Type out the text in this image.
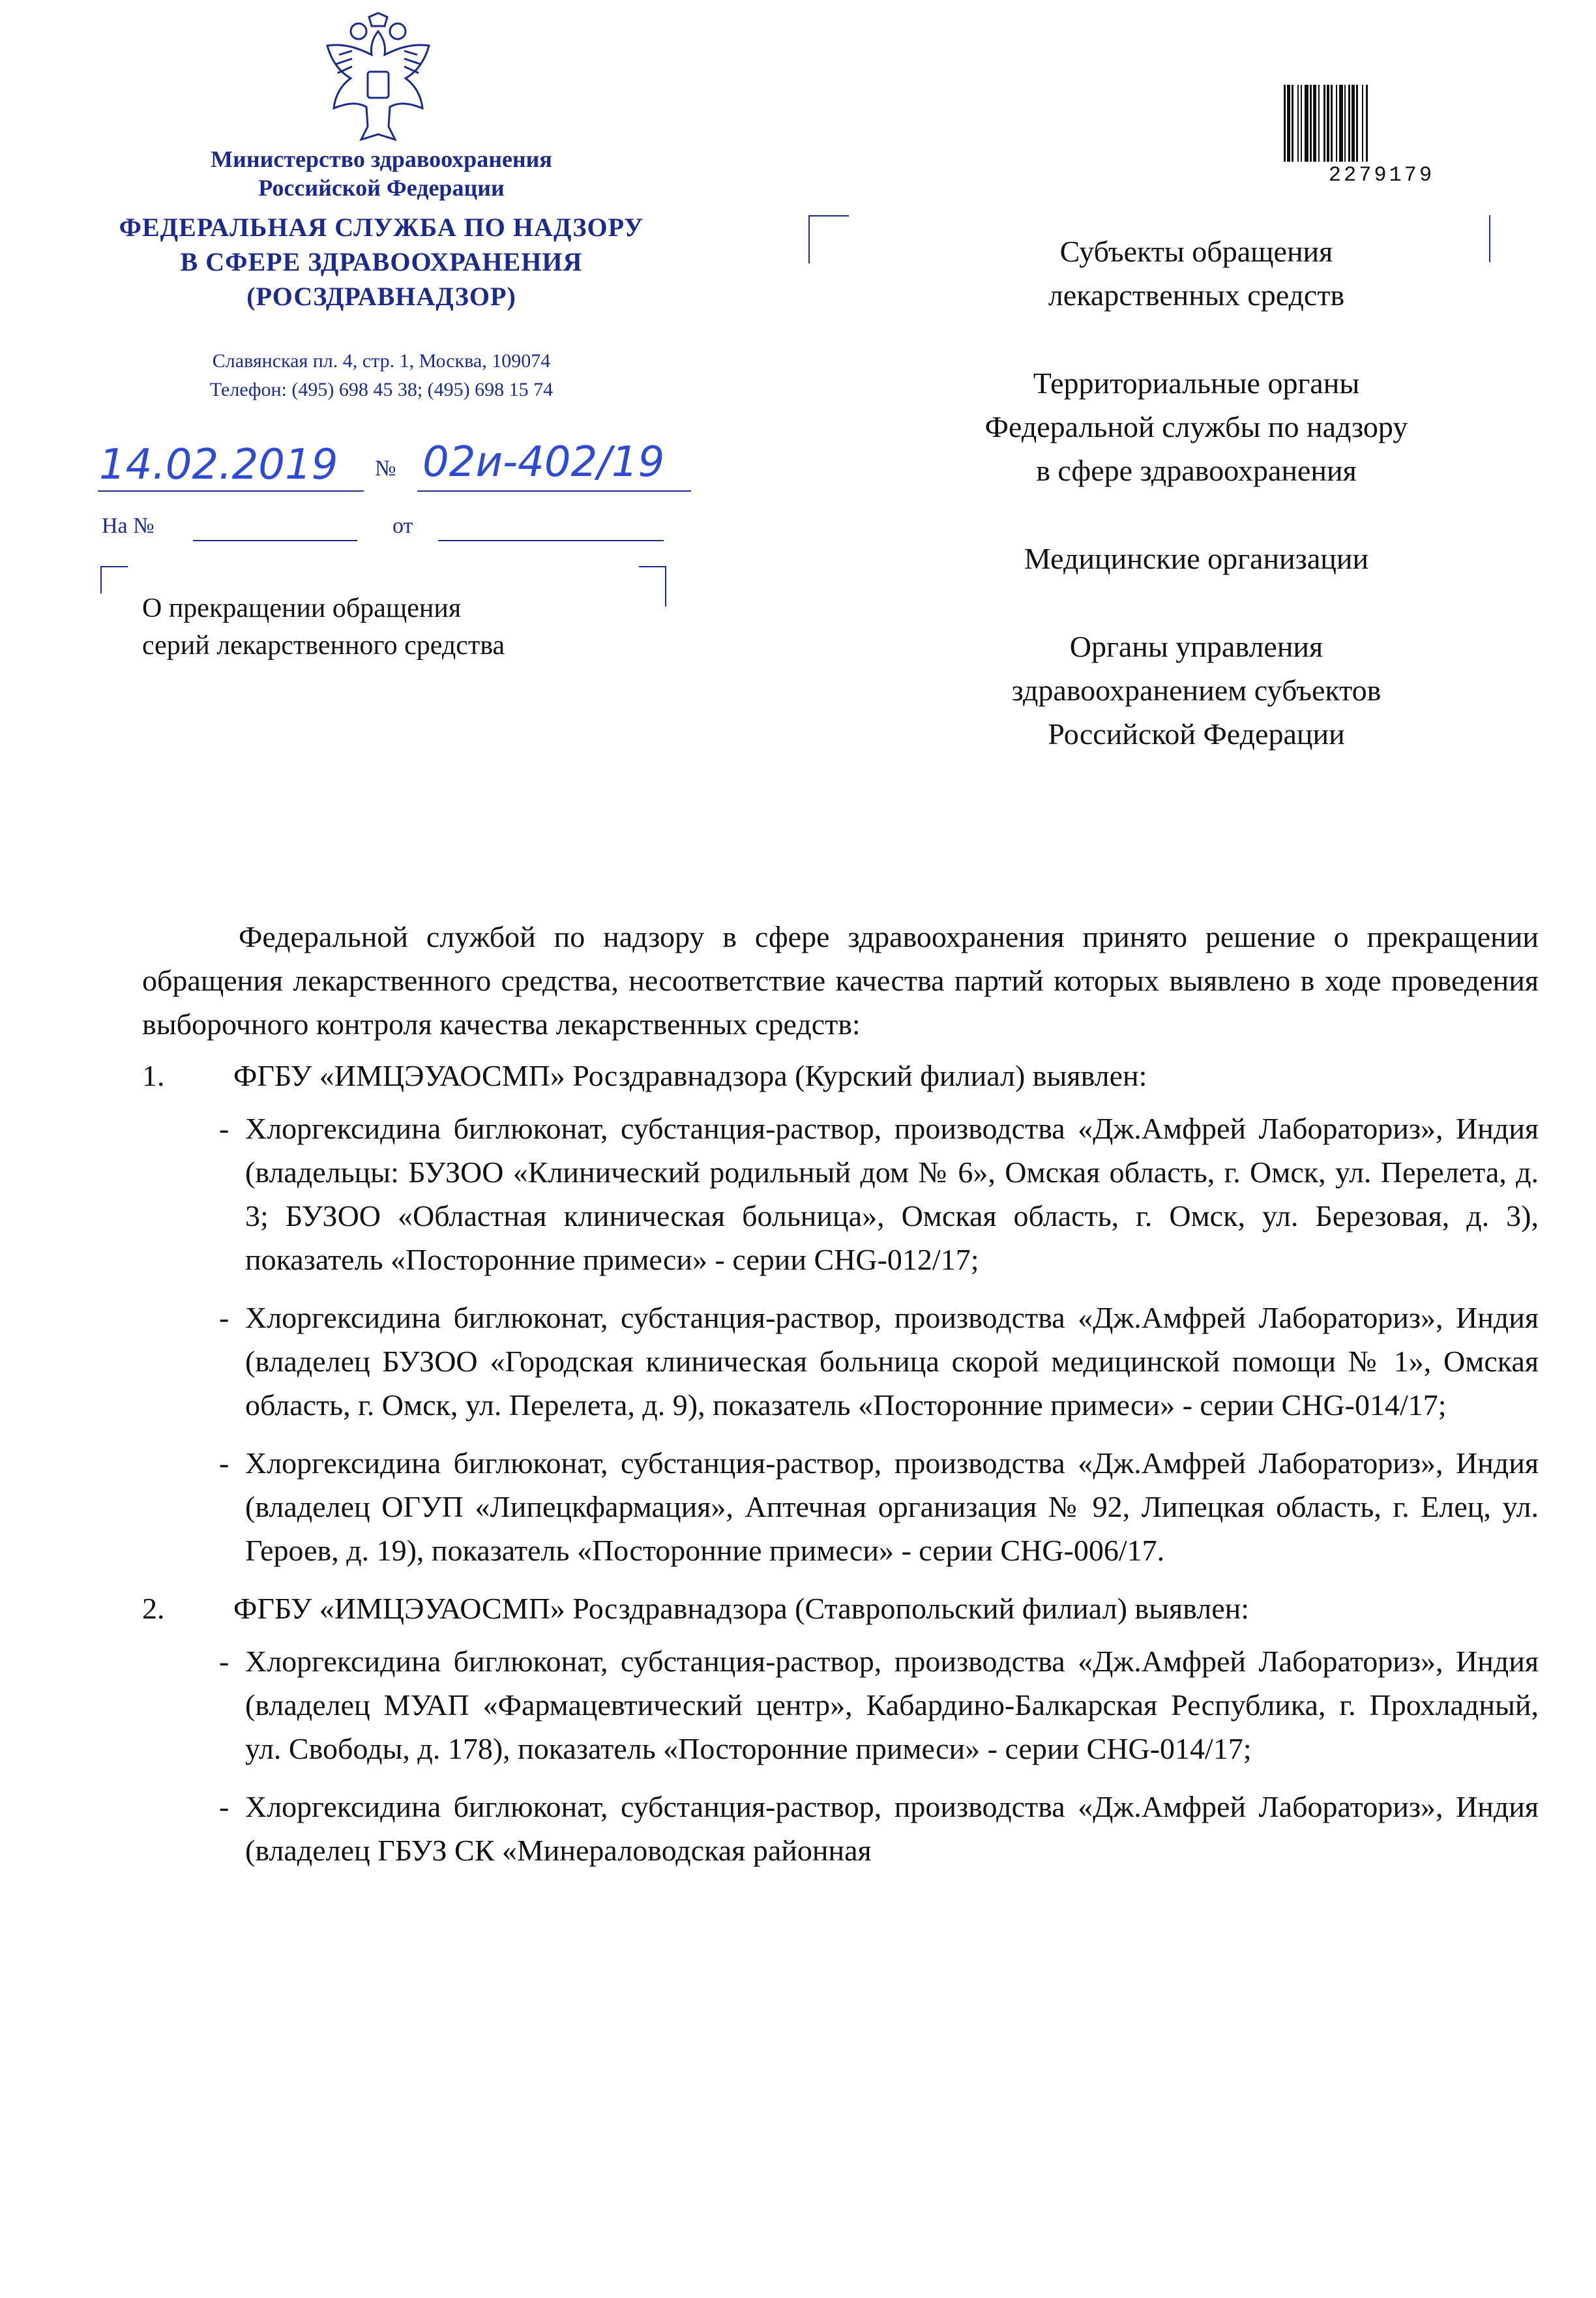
Министерство здравоохранения
Российской Федерации
ФЕДЕРАЛЬНАЯ СЛУЖБА ПО НАДЗОРУ
В СФЕРЕ ЗДРАВООХРАНЕНИЯ
(РОСЗДРАВНАДЗОР)
Славянская пл. 4, стр. 1, Москва, 109074
Телефон: (495) 698 45 38; (495) 698 15 74
14.02.2019 № 02и-402/19
На №	от
О прекращении обращения
серий лекарственного средства
2279179

Субъекты обращения
лекарственных средств

Территориальные органы
Федеральной службы по надзору
в сфере здравоохранения

Медицинские организации

Органы управления
здравоохранением субъектов
Российской Федерации

Федеральной службой по надзору в сфере здравоохранения принято решение о прекращении обращения лекарственного средства, несоответствие качества партий которых выявлено в ходе проведения выборочного контроля качества лекарственных средств:

1.	ФГБУ «ИМЦЭУАОСМП» Росздравнадзора (Курский филиал) выявлен:

- Хлоргексидина биглюконат, субстанция-раствор, производства «Дж.Амфрей Лабораториз», Индия (владельцы: БУЗОО «Клинический родильный дом № 6», Омская область, г. Омск, ул. Перелета, д. 3; БУЗОО «Областная клиническая больница», Омская область, г. Омск, ул. Березовая, д. 3), показатель «Посторонние примеси» - серии CHG-012/17;
- Хлоргексидина биглюконат, субстанция-раствор, производства «Дж.Амфрей Лабораториз», Индия (владелец БУЗОО «Городская клиническая больница скорой медицинской помощи № 1», Омская область, г. Омск, ул. Перелета, д. 9), показатель «Посторонние примеси» - серии CHG-014/17;
- Хлоргексидина биглюконат, субстанция-раствор, производства «Дж.Амфрей Лабораториз», Индия (владелец ОГУП «Липецкфармация», Аптечная организация № 92, Липецкая область, г. Елец, ул. Героев, д. 19), показатель «Посторонние примеси» - серии CHG-006/17.
2.	ФГБУ «ИМЦЭУАОСМП» Росздравнадзора (Ставропольский филиал) выявлен:

- Хлоргексидина биглюконат, субстанция-раствор, производства «Дж.Амфрей Лабораториз», Индия (владелец МУАП «Фармацевтический центр», Кабардино-Балкарская Республика, г. Прохладный, ул. Свободы, д. 178), показатель «Посторонние примеси» - серии CHG-014/17;
- Хлоргексидина биглюконат, субстанция-раствор, производства «Дж.Амфрей Лабораториз», Индия (владелец ГБУЗ СК «Минераловодская районная
